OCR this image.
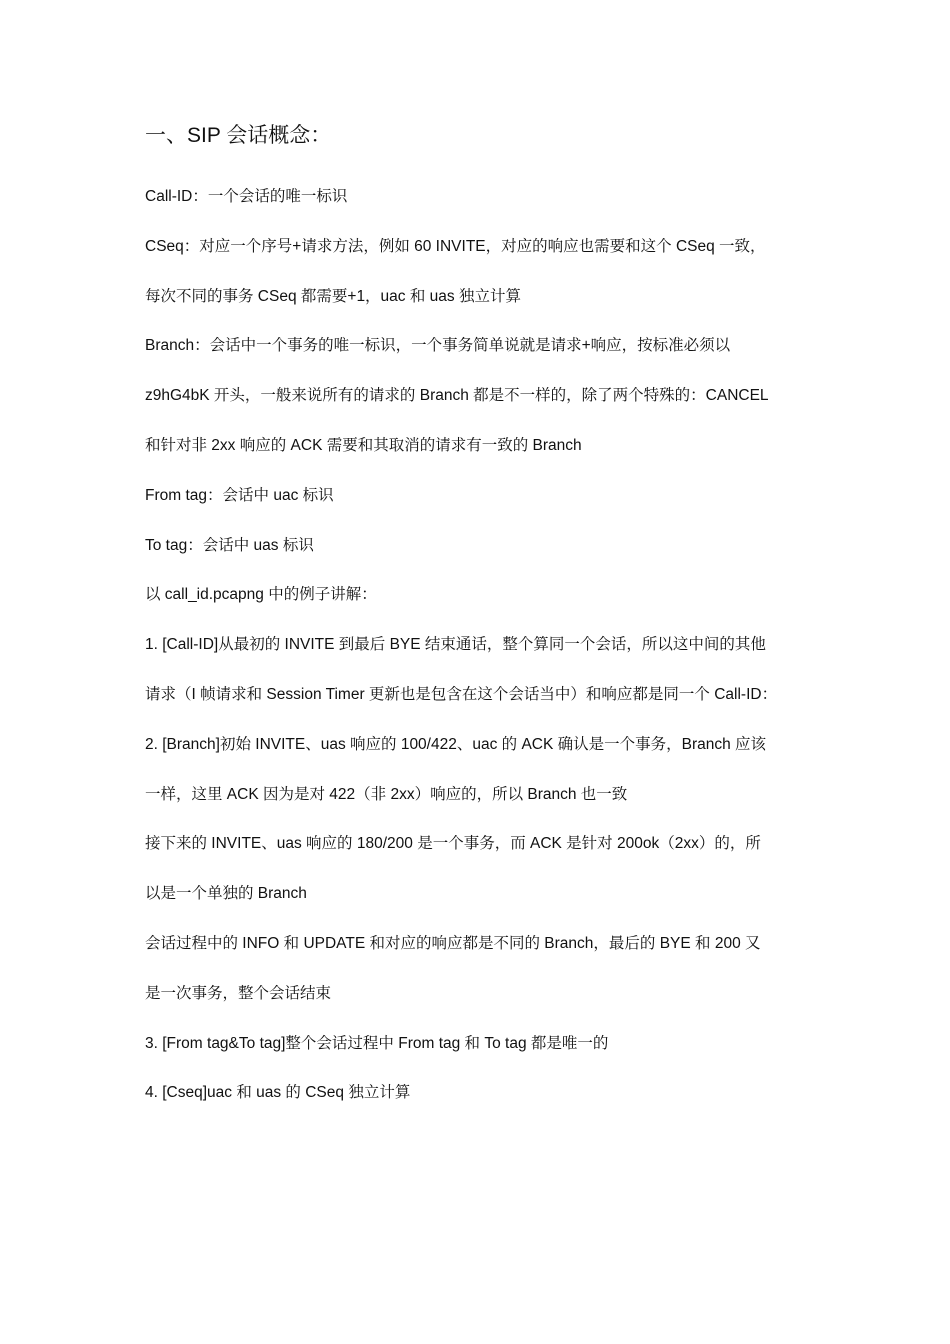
一、SIP 会话概念：

Call-ID：一个会话的唯一标识

CSeq：对应一个序号+请求方法，例如 60 INVITE，对应的响应也需要和这个 CSeq 一致，

每次不同的事务 CSeq 都需要+1，uac 和 uas 独立计算

Branch：会话中一个事务的唯一标识，一个事务简单说就是请求+响应，按标准必须以

z9hG4bK 开头，一般来说所有的请求的 Branch 都是不一样的，除了两个特殊的：CANCEL

和针对非 2xx 响应的 ACK 需要和其取消的请求有一致的 Branch

From tag：会话中 uac 标识

To tag：会话中 uas 标识

以 call_id.pcapng 中的例子讲解：

1. [Call-ID]从最初的 INVITE 到最后 BYE 结束通话，整个算同一个会话，所以这中间的其他

请求（I 帧请求和 Session Timer 更新也是包含在这个会话当中）和响应都是同一个 Call-ID：

2. [Branch]初始 INVITE、uas 响应的 100/422、uac 的 ACK 确认是一个事务，Branch 应该

一样，这里 ACK 因为是对 422（非 2xx）响应的，所以 Branch 也一致

接下来的 INVITE、uas 响应的 180/200 是一个事务，而 ACK 是针对 200ok（2xx）的，所

以是一个单独的 Branch

会话过程中的 INFO 和 UPDATE 和对应的响应都是不同的 Branch，最后的 BYE 和 200 又

是一次事务，整个会话结束

3. [From tag&To tag]整个会话过程中 From tag 和 To tag 都是唯一的

4. [Cseq]uac 和 uas 的 CSeq 独立计算
